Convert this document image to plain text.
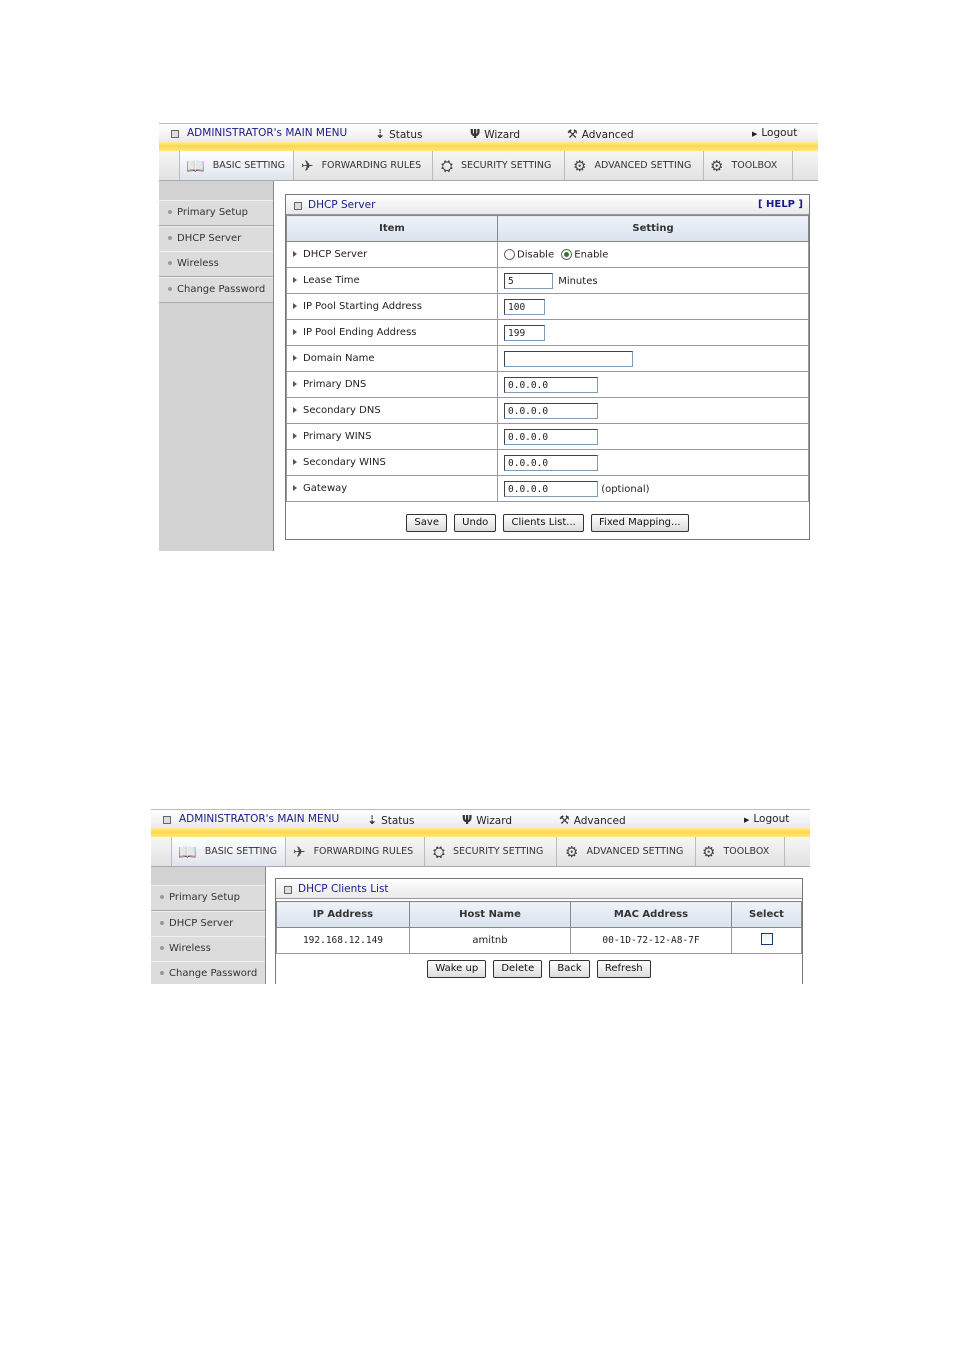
ADMINISTRATOR's MAIN MENU ⇣ Status	Ψ Wizard	⚒ Advanced	▶ Logout
📖 BASIC SETTING ✈ FORWARDING RULES ⛭ SECURITY SETTING ⚙ ADVANCED SETTING ⚙ TOOLBOX
Primary Setup
DHCP Server
Wireless
Change Password
DHCP Server	[ HELP ]
Item	Setting
DHCP Server	Disable Enable
Lease Time	5 Minutes
IP Pool Starting Address	100
IP Pool Ending Address	199
Domain Name	
Primary DNS	0.0.0.0
Secondary DNS	0.0.0.0
Primary WINS	0.0.0.0
Secondary WINS	0.0.0.0
Gateway	0.0.0.0 (optional)
Save Undo Clients List... Fixed Mapping...
ADMINISTRATOR's MAIN MENU ⇣ Status	Ψ Wizard	⚒ Advanced	▶ Logout
📖 BASIC SETTING ✈ FORWARDING RULES ⛭ SECURITY SETTING ⚙ ADVANCED SETTING ⚙ TOOLBOX
Primary Setup
DHCP Server
Wireless
Change Password
DHCP Clients List
IP Address	Host Name	MAC Address	Select
192.168.12.149	amitnb	00-1D-72-12-A8-7F	
Wake up Delete Back Refresh
